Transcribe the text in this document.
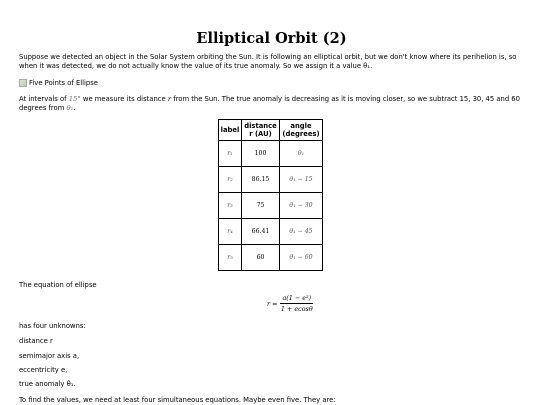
Elliptical Orbit (2)

Suppose we detected an object in the Solar System orbiting the Sun. It is following an elliptical orbit, but we don't know where its perihelion is, so when it was detected, we do not actually know the value of its true anomaly. So we assign it a value θ₁.

Five Points of Ellipse

At intervals of 15° we measure its distance r from the Sun. The true anomaly is decreasing as it is moving closer, so we subtract 15, 30, 45 and 60 degrees from θ₁.

label	distance r (AU)	angle (degrees)
r₁	100	θ₁
r₂	86.15	θ₁ − 15
r₃	75	θ₁ − 30
r₄	66.41	θ₁ − 45
r₅	60	θ₁ − 60
The equation of ellipse
$r = \frac{\text{a(1 − e²)}}{1 + ecos\theta}$
has four unknowns:
distance r
semimajor axis a,
eccentricity e,
true anomaly θ₁.
To find the values, we need at least four simultaneous equations. Maybe even five. They are:
